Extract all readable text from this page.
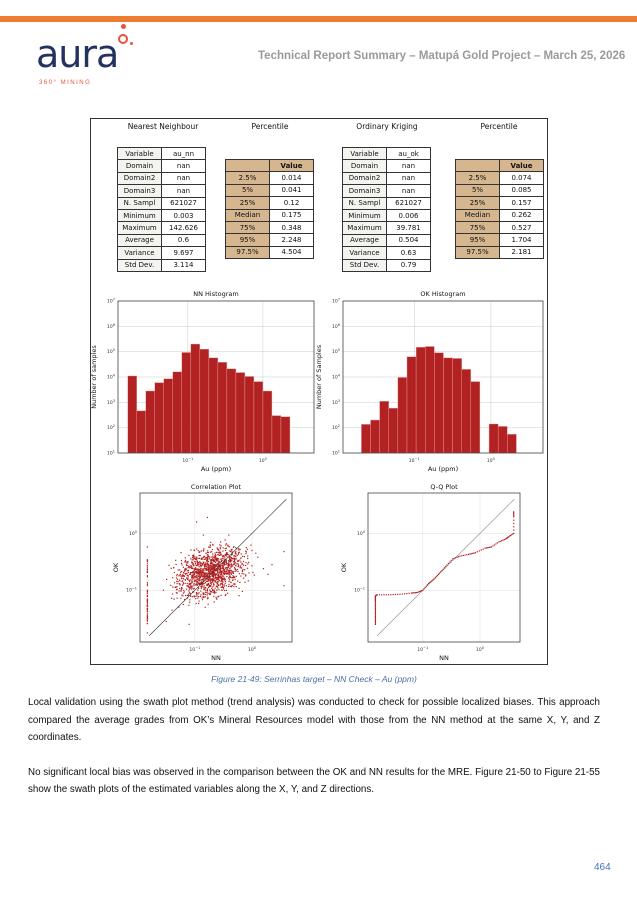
aura
360° MINING
Technical Report Summary – Matupá Gold Project – March 25, 2026
$10^1$
$10^2$
$10^3$
$10^4$
$10^5$
$10^6$
$10^7$
$10^{-1}$	$10^0$
NN Histogram
Au (ppm)
Number of samples
$10^1$
$10^2$
$10^3$
$10^4$
$10^5$
$10^6$
$10^7$
$10^{-1}$	$10^0$
OK Histogram
Au (ppm)
Number of Samples
$10^{-1}$
$10^{-1}$
$10^0$
$10^0$
Correlation Plot
NN
OK
$10^{-1}$
$10^{-1}$
$10^0$
$10^0$
Q-Q Plot
NN
OK
Nearest Neighbour	Percentile	Ordinary Kriging	Percentile
Variable	au_nn
Domain	nan
Domain2	nan
Domain3	nan
N. Sampl	621027
Minimum	0.003
Maximum	142.626
Average	0.6
Variance	9.697
Std Dev.	3.114
	Value
2.5%	0.014
5%	0.041
25%	0.12
Median	0.175
75%	0.348
95%	2.248
97.5%	4.504
Variable	au_ok
Domain	nan
Domain2	nan
Domain3	nan
N. Sampl	621027
Minimum	0.006
Maximum	39.781
Average	0.504
Variance	0.63
Std Dev.	0.79
	Value
2.5%	0.074
5%	0.085
25%	0.157
Median	0.262
75%	0.527
95%	1.704
97.5%	2.181
Figure 21-49: Serrinhas target – NN Check – Au (ppm)
Local validation using the swath plot method (trend analysis) was conducted to check for possible localized biases. This approach compared the average grades from OK’s Mineral Resources model with those from the NN method at the same X, Y, and Z coordinates.
No significant local bias was observed in the comparison between the OK and NN results for the MRE. Figure 21-50 to Figure 21-55 show the swath plots of the estimated variables along the X, Y, and Z directions.
464
